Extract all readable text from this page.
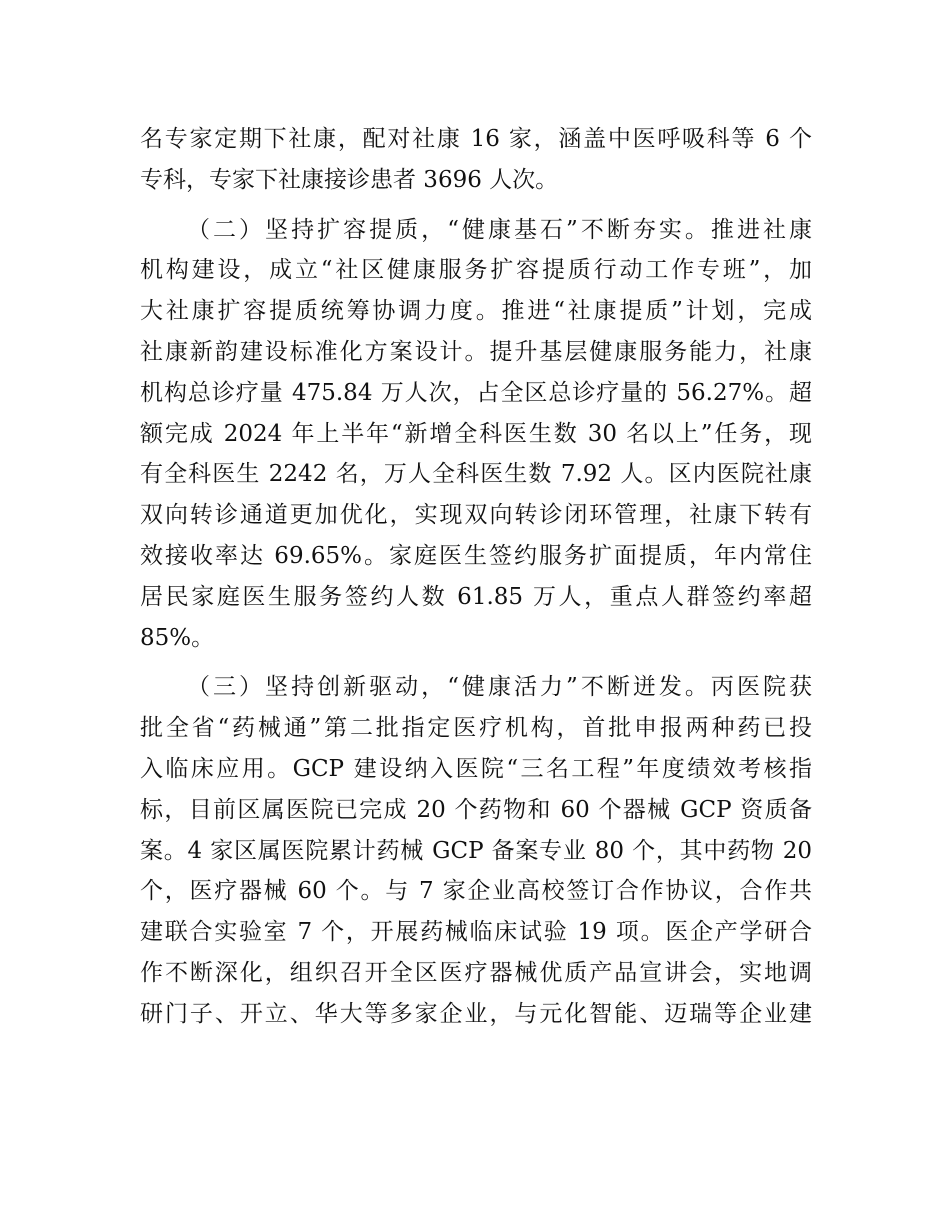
名专家定期下社康，配对社康 16 家，涵盖中医呼吸科等 6 个
专科，专家下社康接诊患者 3696 人次。
（二）坚持扩容提质，“健康基石”不断夯实。推进社康
机构建设，成立“社区健康服务扩容提质行动工作专班”，加
大社康扩容提质统筹协调力度。推进“社康提质”计划，完成
社康新韵建设标准化方案设计。提升基层健康服务能力，社康
机构总诊疗量 475.84 万人次，占全区总诊疗量的 56.27%。超
额完成 2024 年上半年“新增全科医生数 30 名以上”任务，现
有全科医生 2242 名，万人全科医生数 7.92 人。区内医院社康
双向转诊通道更加优化，实现双向转诊闭环管理，社康下转有
效接收率达 69.65%。家庭医生签约服务扩面提质，年内常住
居民家庭医生服务签约人数 61.85 万人，重点人群签约率超
85%。
（三）坚持创新驱动，“健康活力”不断迸发。丙医院获
批全省“药械通”第二批指定医疗机构，首批申报两种药已投
入临床应用。GCP 建设纳入医院“三名工程”年度绩效考核指
标，目前区属医院已完成 20 个药物和 60 个器械 GCP 资质备
案。4 家区属医院累计药械 GCP 备案专业 80 个，其中药物 20
个，医疗器械 60 个。与 7 家企业高校签订合作协议，合作共
建联合实验室 7 个，开展药械临床试验 19 项。医企产学研合
作不断深化，组织召开全区医疗器械优质产品宣讲会，实地调
研门子、开立、华大等多家企业，与元化智能、迈瑞等企业建
